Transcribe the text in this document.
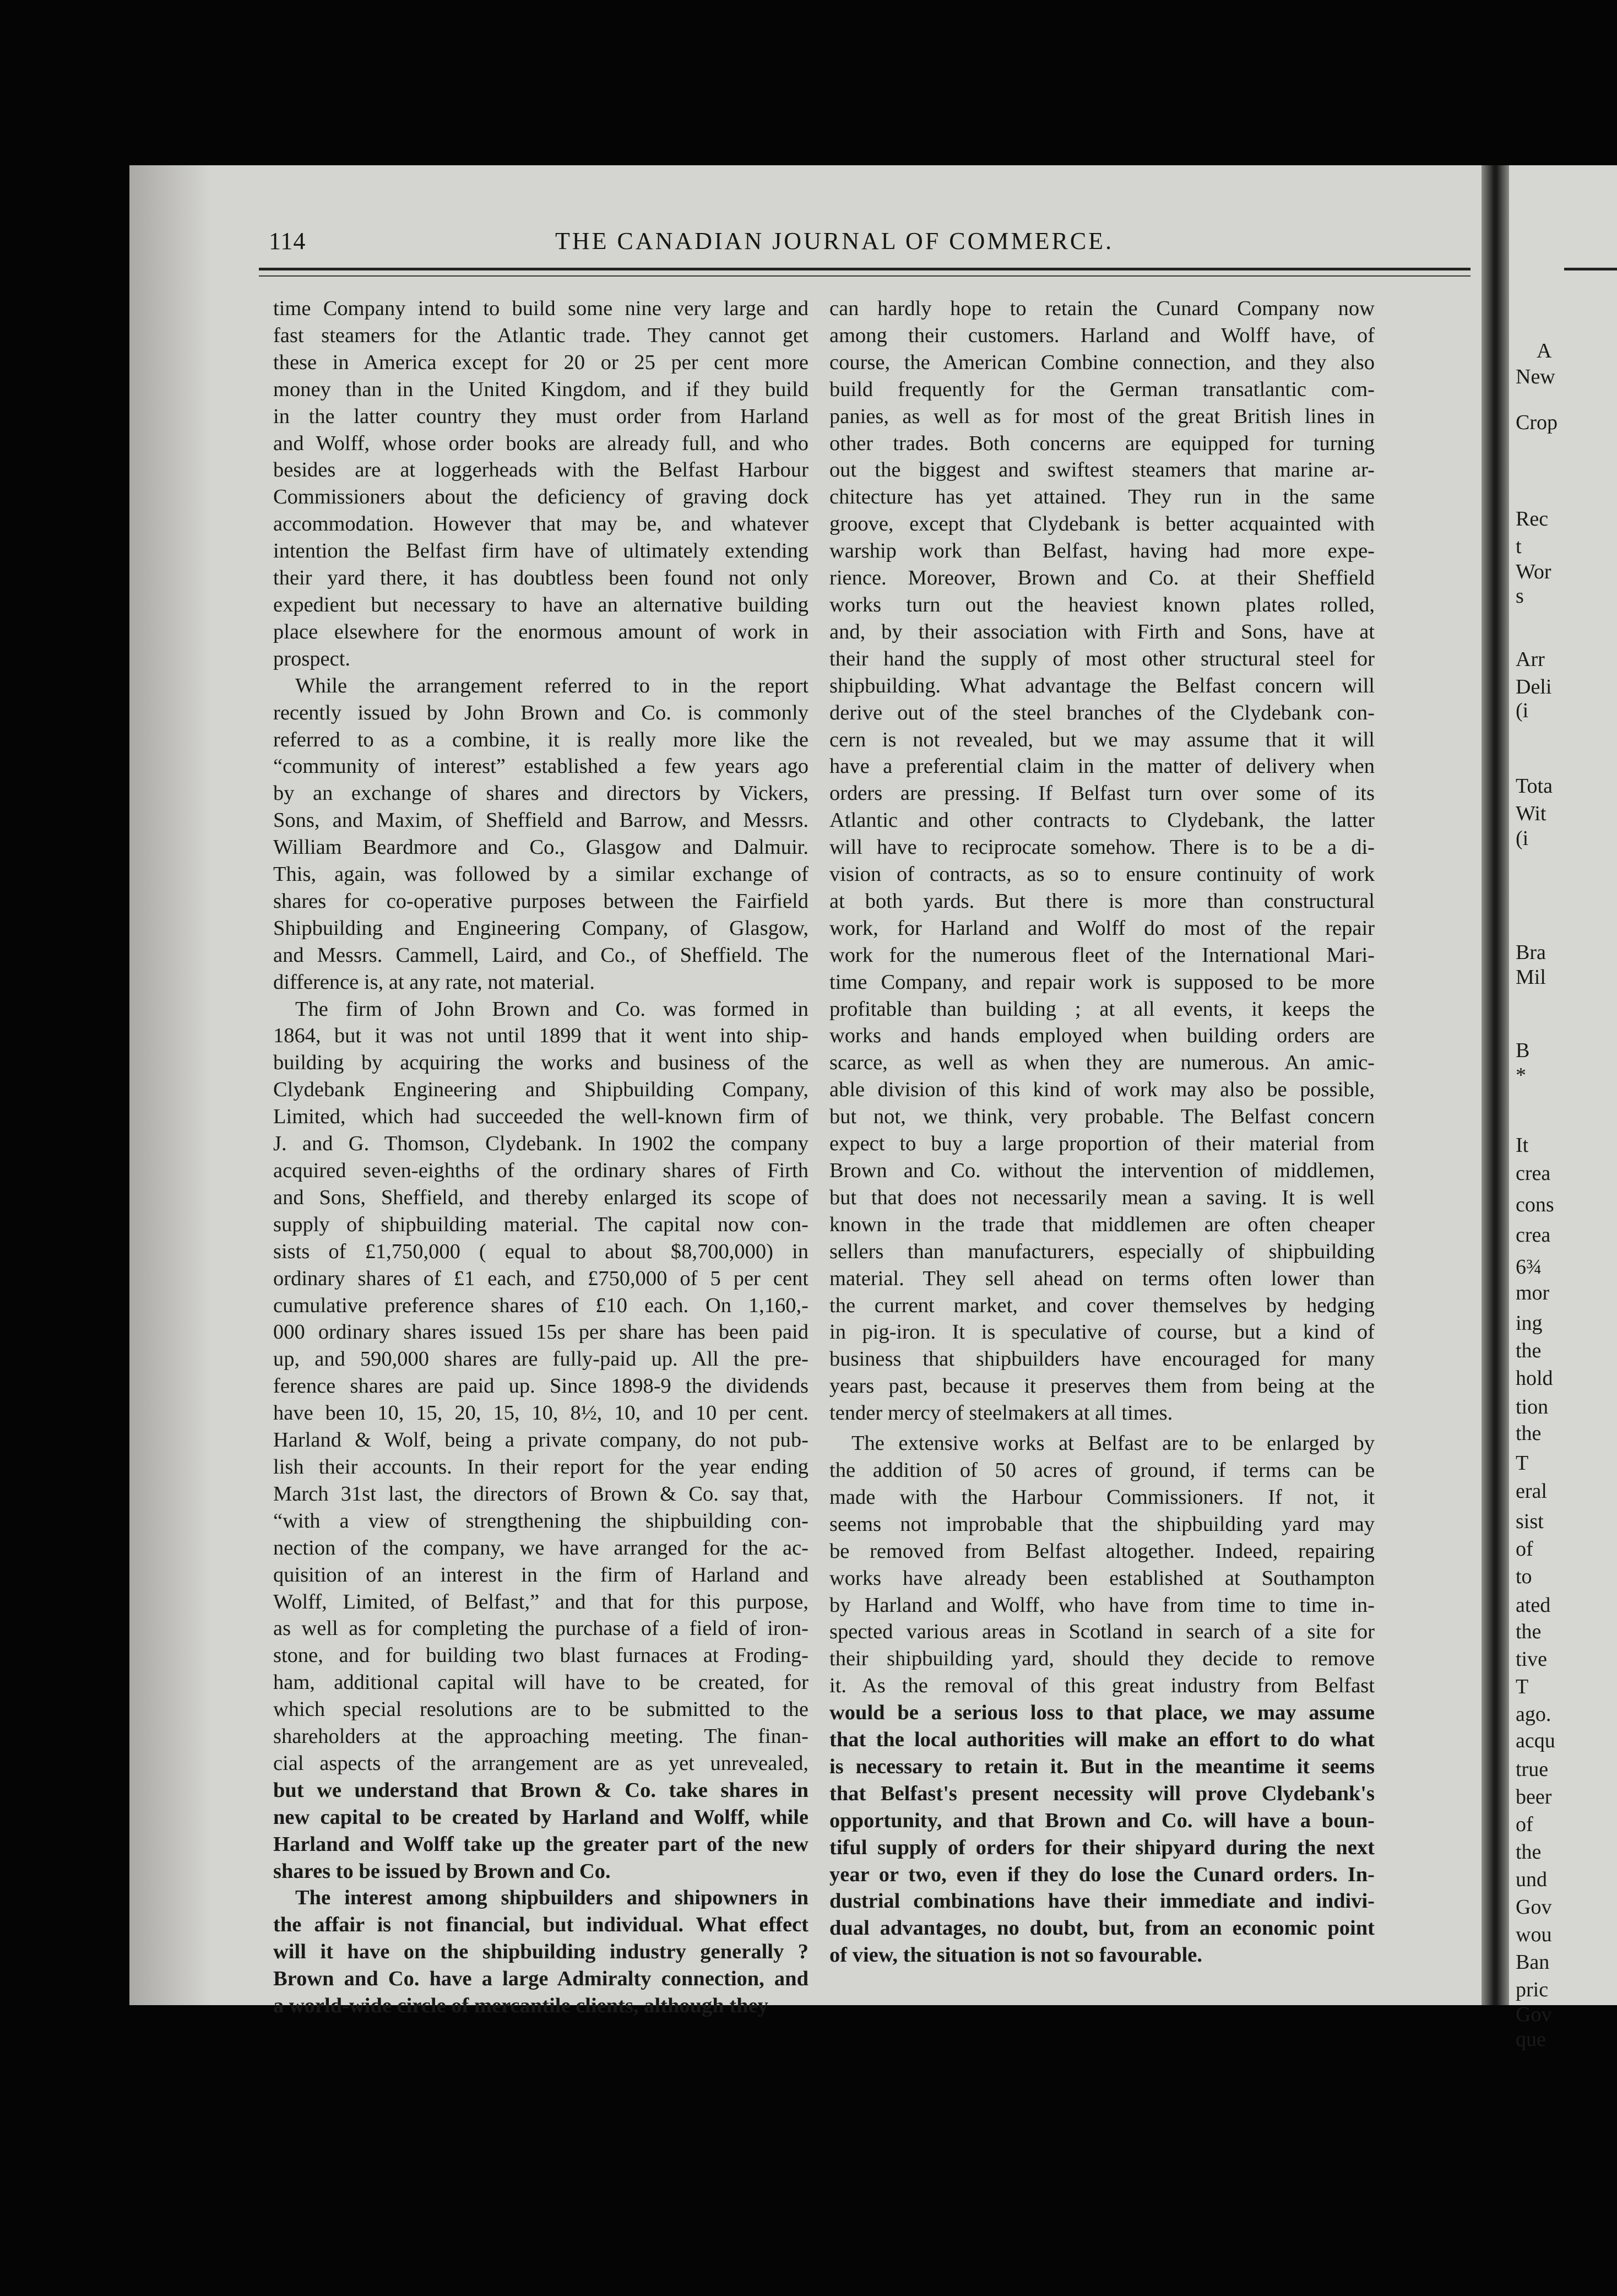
114	THE CANADIAN JOURNAL OF COMMERCE.
time Company intend to build some nine very large and
fast steamers for the Atlantic trade. They cannot get
these in America except for 20 or 25 per cent more
money than in the United Kingdom, and if they build
in the latter country they must order from Harland
and Wolff, whose order books are already full, and who
besides are at loggerheads with the Belfast Harbour
Commissioners about the deficiency of graving dock
accommodation. However that may be, and whatever
intention the Belfast firm have of ultimately extending
their yard there, it has doubtless been found not only
expedient but necessary to have an alternative building
place elsewhere for the enormous amount of work in
prospect.
While the arrangement referred to in the report
recently issued by John Brown and Co. is commonly
referred to as a combine, it is really more like the
“community of interest” established a few years ago
by an exchange of shares and directors by Vickers,
Sons, and Maxim, of Sheffield and Barrow, and Messrs.
William Beardmore and Co., Glasgow and Dalmuir.
This, again, was followed by a similar exchange of
shares for co-operative purposes between the Fairfield
Shipbuilding and Engineering Company, of Glasgow,
and Messrs. Cammell, Laird, and Co., of Sheffield. The
difference is, at any rate, not material.
The firm of John Brown and Co. was formed in
1864, but it was not until 1899 that it went into ship-
building by acquiring the works and business of the
Clydebank Engineering and Shipbuilding Company,
Limited, which had succeeded the well-known firm of
J. and G. Thomson, Clydebank. In 1902 the company
acquired seven-eighths of the ordinary shares of Firth
and Sons, Sheffield, and thereby enlarged its scope of
supply of shipbuilding material. The capital now con-
sists of £1,750,000 ( equal to about $8,700,000) in
ordinary shares of £1 each, and £750,000 of 5 per cent
cumulative preference shares of £10 each. On 1,160,-
000 ordinary shares issued 15s per share has been paid
up, and 590,000 shares are fully-paid up. All the pre-
ference shares are paid up. Since 1898-9 the dividends
have been 10, 15, 20, 15, 10, 8½, 10, and 10 per cent.
Harland & Wolf, being a private company, do not pub-
lish their accounts. In their report for the year ending
March 31st last, the directors of Brown & Co. say that,
“with a view of strengthening the shipbuilding con-
nection of the company, we have arranged for the ac-
quisition of an interest in the firm of Harland and
Wolff, Limited, of Belfast,” and that for this purpose,
as well as for completing the purchase of a field of iron-
stone, and for building two blast furnaces at Froding-
ham, additional capital will have to be created, for
which special resolutions are to be submitted to the
shareholders at the approaching meeting. The finan-
cial aspects of the arrangement are as yet unrevealed,
but we understand that Brown & Co. take shares in
new capital to be created by Harland and Wolff, while
Harland and Wolff take up the greater part of the new
shares to be issued by Brown and Co.
The interest among shipbuilders and shipowners in
the affair is not financial, but individual. What effect
will it have on the shipbuilding industry generally ?
Brown and Co. have a large Admiralty connection, and
a world-wide circle of mercantile clients, although they
can hardly hope to retain the Cunard Company now
among their customers. Harland and Wolff have, of
course, the American Combine connection, and they also
build frequently for the German transatlantic com-
panies, as well as for most of the great British lines in
other trades. Both concerns are equipped for turning
out the biggest and swiftest steamers that marine ar-
chitecture has yet attained. They run in the same
groove, except that Clydebank is better acquainted with
warship work than Belfast, having had more expe-
rience. Moreover, Brown and Co. at their Sheffield
works turn out the heaviest known plates rolled,
and, by their association with Firth and Sons, have at
their hand the supply of most other structural steel for
shipbuilding. What advantage the Belfast concern will
derive out of the steel branches of the Clydebank con-
cern is not revealed, but we may assume that it will
have a preferential claim in the matter of delivery when
orders are pressing. If Belfast turn over some of its
Atlantic and other contracts to Clydebank, the latter
will have to reciprocate somehow. There is to be a di-
vision of contracts, as so to ensure continuity of work
at both yards. But there is more than constructural
work, for Harland and Wolff do most of the repair
work for the numerous fleet of the International Mari-
time Company, and repair work is supposed to be more
profitable than building ; at all events, it keeps the
works and hands employed when building orders are
scarce, as well as when they are numerous. An amic-
able division of this kind of work may also be possible,
but not, we think, very probable. The Belfast concern
expect to buy a large proportion of their material from
Brown and Co. without the intervention of middlemen,
but that does not necessarily mean a saving. It is well
known in the trade that middlemen are often cheaper
sellers than manufacturers, especially of shipbuilding
material. They sell ahead on terms often lower than
the current market, and cover themselves by hedging
in pig-iron. It is speculative of course, but a kind of
business that shipbuilders have encouraged for many
years past, because it preserves them from being at the
tender mercy of steelmakers at all times.
The extensive works at Belfast are to be enlarged by
the addition of 50 acres of ground, if terms can be
made with the Harbour Commissioners. If not, it
seems not improbable that the shipbuilding yard may
be removed from Belfast altogether. Indeed, repairing
works have already been established at Southampton
by Harland and Wolff, who have from time to time in-
spected various areas in Scotland in search of a site for
their shipbuilding yard, should they decide to remove
it. As the removal of this great industry from Belfast
would be a serious loss to that place, we may assume
that the local authorities will make an effort to do what
is necessary to retain it. But in the meantime it seems
that Belfast's present necessity will prove Clydebank's
opportunity, and that Brown and Co. will have a boun-
tiful supply of orders for their shipyard during the next
year or two, even if they do lose the Cunard orders. In-
dustrial combinations have their immediate and indivi-
dual advantages, no doubt, but, from an economic point
of view, the situation is not so favourable.
A
New
Crop
Rec
t
Wor
s
Arr
Deli
(i
Tota
Wit
(i
Bra
Mil
B
*
It
crea
cons
crea
6¾
mor
ing
the
hold
tion
the
T
eral
sist
of
to
ated
the
tive
T
ago.
acqu
true
beer
of
the
und
Gov
wou
Ban
pric
Gov
que
